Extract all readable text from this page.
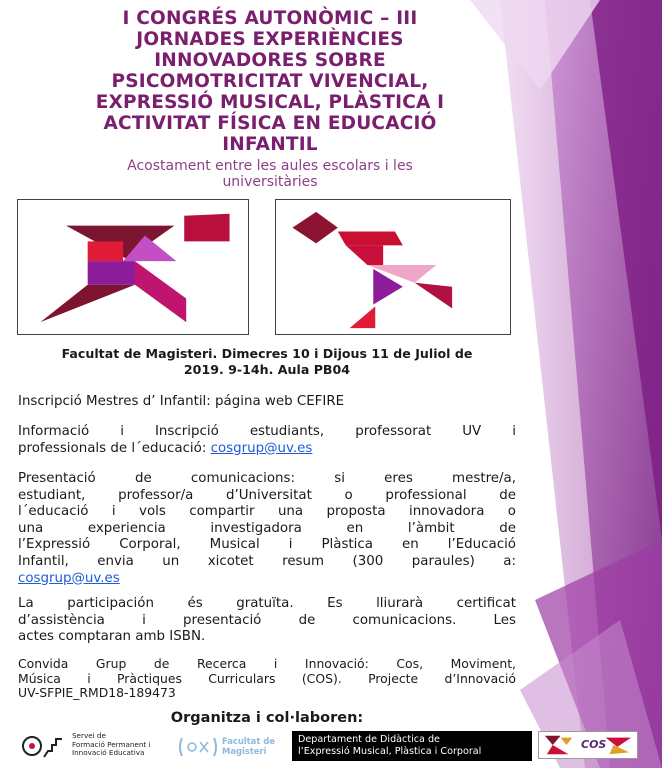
I CONGRÉS AUTONÒMIC – III
JORNADES EXPERIÈNCIES
INNOVADORES SOBRE
PSICOMOTRICITAT VIVENCIAL,
EXPRESSIÓ MUSICAL, PLÀSTICA I
ACTIVITAT FÍSICA EN EDUCACIÓ
INFANTIL

Acostament entre les aules escolars i les
universitàries

Facultat de Magisteri. Dimecres 10 i Dijous 11 de Juliol de
2019. 9-14h. Aula PB04

Inscripció Mestres d’ Infantil: página web CEFIRE

Informació i Inscripció estudiants, professorat UV i
professionals de l´educació: cosgrup@uv.es

Presentació de comunicacions: si eres mestre/a,
estudiant, professor/a d’Universitat o professional de
l´educació i vols compartir una proposta innovadora o
una experiencia investigadora en l’àmbit de
l’Expressió Corporal, Musical i Plàstica en l’Educació
Infantil, envia un xicotet resum (300 paraules) a:
cosgrup@uv.es

La participación és gratuïta. Es lliurarà certificat
d’assistència i presentació de comunicacions. Les
actes comptaran amb ISBN.

Convida Grup de Recerca i Innovació: Cos, Moviment,
Música i Pràctiques Curriculars (COS). Projecte d’Innovació
UV-SFPIE_RMD18-189473

Organitza i col·laboren:

Servei de
Formació Permanent i
Innovació Educativa
Facultat de
Magisteri
Departament de Didàctica de
l’Expressió Musical, Plàstica i Corporal
COS
